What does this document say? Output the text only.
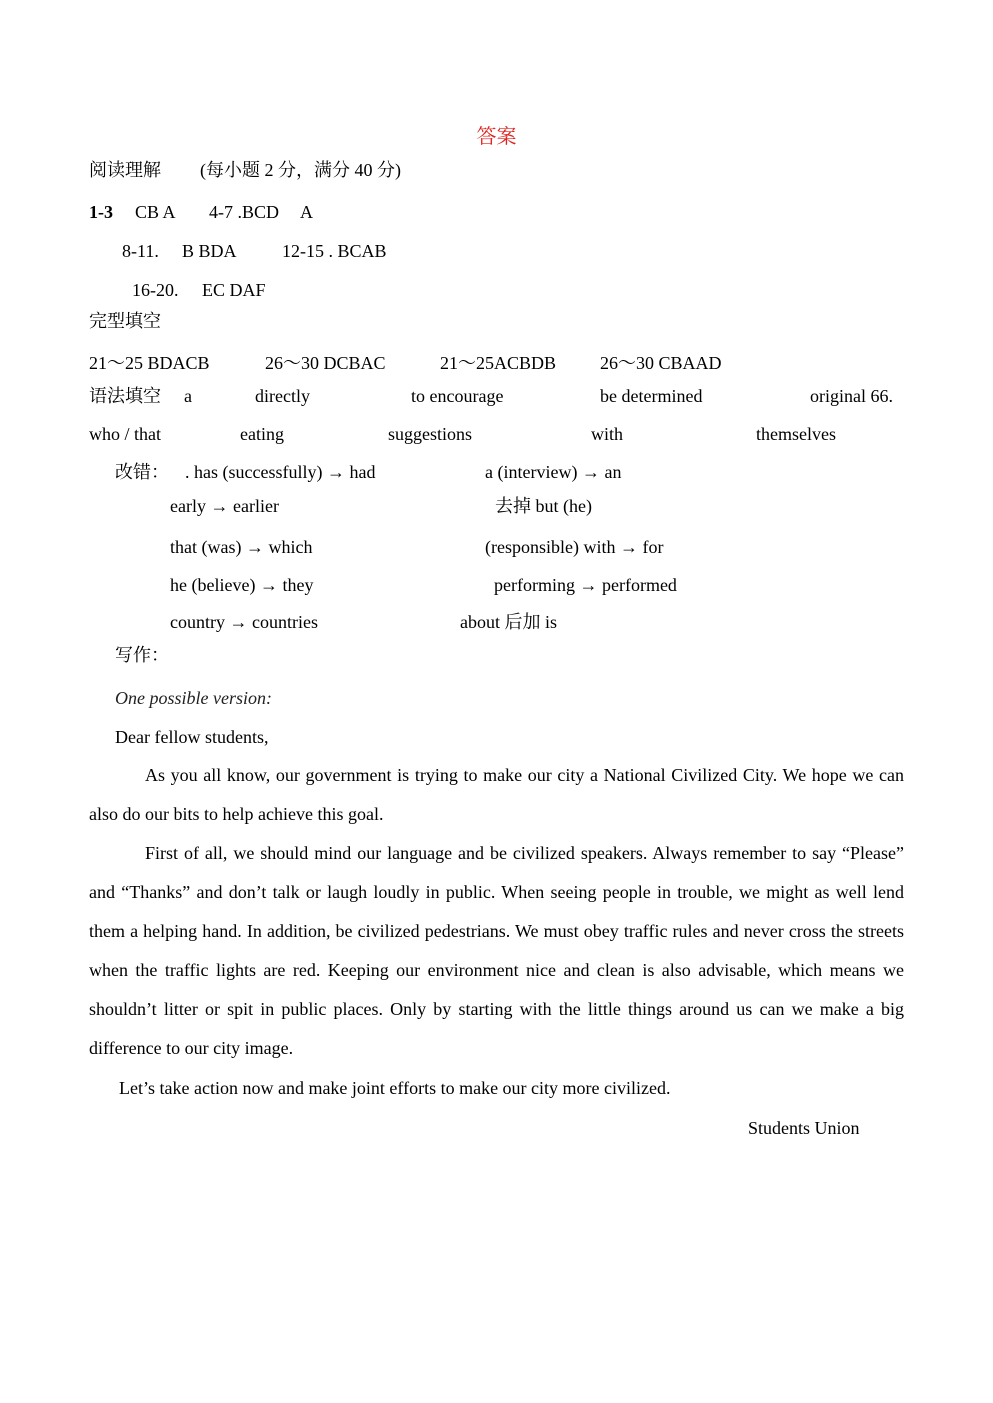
答案
阅读理解 (每小题 2 分，满分 40 分)
1-3 CB A 4-7 .BCD A
8-11. B BDA	12-15 . BCAB
16-20. EC DAF
完型填空
21～25 BDACB	26～30 DCBAC	21～25ACBDB 26～30 CBAAD
语法填空 a	directly	to encourage	be determined	original 66.
who / that	eating	suggestions	with	themselves
改错： . has (successfully) → had	a (interview) → an
early → earlier	去掉 but (he)
that (was) → which	(responsible) with → for
he (believe) → they	performing → performed
country → countries	about 后加 is
写作：
One possible version:
Dear fellow students,
As you all know, our government is trying to make our city a National Civilized City. We hope we can also do our bits to help achieve this goal.
First of all, we should mind our language and be civilized speakers. Always remember to say “Please” and “Thanks” and don’t talk or laugh loudly in public. When seeing people in trouble, we might as well lend them a helping hand. In addition, be civilized pedestrians. We must obey traffic rules and never cross the streets when the traffic lights are red. Keeping our environment nice and clean is also advisable, which means we shouldn’t litter or spit in public places. Only by starting with the little things around us can we make a big difference to our city image.
Let’s take action now and make joint efforts to make our city more civilized.
Students Union
